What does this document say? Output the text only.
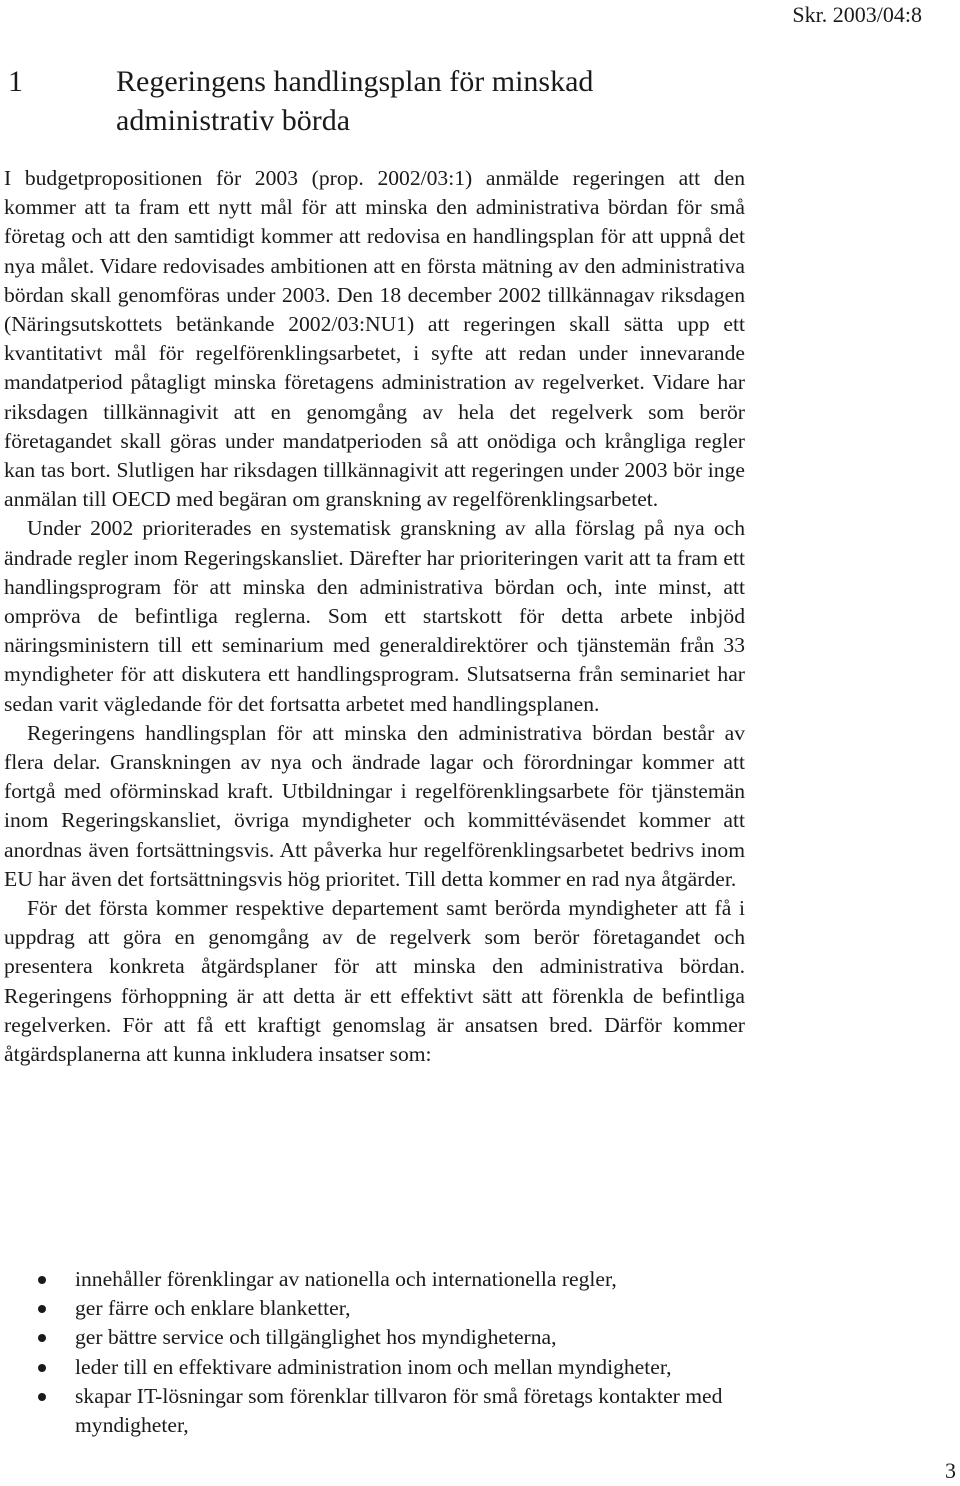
Skr. 2003/04:8
1	Regeringens handlingsplan för minskad administrativ börda

I budgetpropositionen för 2003 (prop. 2002/03:1) anmälde regeringen att den kommer att ta fram ett nytt mål för att minska den administrativa bördan för små företag och att den samtidigt kommer att redovisa en handlingsplan för att uppnå det nya målet. Vidare redovisades ambitionen att en första mätning av den administrativa bördan skall genomföras under 2003. Den 18 december 2002 tillkännagav riksdagen (Näringsutskottets betänkande 2002/03:NU1) att regeringen skall sätta upp ett kvantitativt mål för regelförenklingsarbetet, i syfte att redan under innevarande mandatperiod påtagligt minska företagens administration av regelverket. Vidare har riksdagen tillkännagivit att en genomgång av hela det regelverk som berör företagandet skall göras under mandatperioden så att onödiga och krångliga regler kan tas bort. Slutligen har riksdagen tillkännagivit att regeringen under 2003 bör inge anmälan till OECD med begäran om granskning av regelförenklingsarbetet.

Under 2002 prioriterades en systematisk granskning av alla förslag på nya och ändrade regler inom Regeringskansliet. Därefter har prioriteringen varit att ta fram ett handlingsprogram för att minska den administrativa bördan och, inte minst, att ompröva de befintliga reglerna. Som ett startskott för detta arbete inbjöd näringsministern till ett seminarium med generaldirektörer och tjänstemän från 33 myndigheter för att diskutera ett handlingsprogram. Slutsatserna från seminariet har sedan varit vägledande för det fortsatta arbetet med handlingsplanen.

Regeringens handlingsplan för att minska den administrativa bördan består av flera delar. Granskningen av nya och ändrade lagar och förordningar kommer att fortgå med oförminskad kraft. Utbildningar i regelförenklingsarbete för tjänstemän inom Regeringskansliet, övriga myndigheter och kommittéväsendet kommer att anordnas även fortsättningsvis. Att påverka hur regelförenklingsarbetet bedrivs inom EU har även det fortsättningsvis hög prioritet. Till detta kommer en rad nya åtgärder.

För det första kommer respektive departement samt berörda myndigheter att få i uppdrag att göra en genomgång av de regelverk som berör företagandet och presentera konkreta åtgärdsplaner för att minska den administrativa bördan. Regeringens förhoppning är att detta är ett effektivt sätt att förenkla de befintliga regelverken. För att få ett kraftigt genomslag är ansatsen bred. Därför kommer åtgärdsplanerna att kunna inkludera insatser som:

innehåller förenklingar av nationella och internationella regler,
ger färre och enklare blanketter,
ger bättre service och tillgänglighet hos myndigheterna,
leder till en effektivare administration inom och mellan myndigheter,
skapar IT-lösningar som förenklar tillvaron för små företags kontakter med myndigheter,
3
